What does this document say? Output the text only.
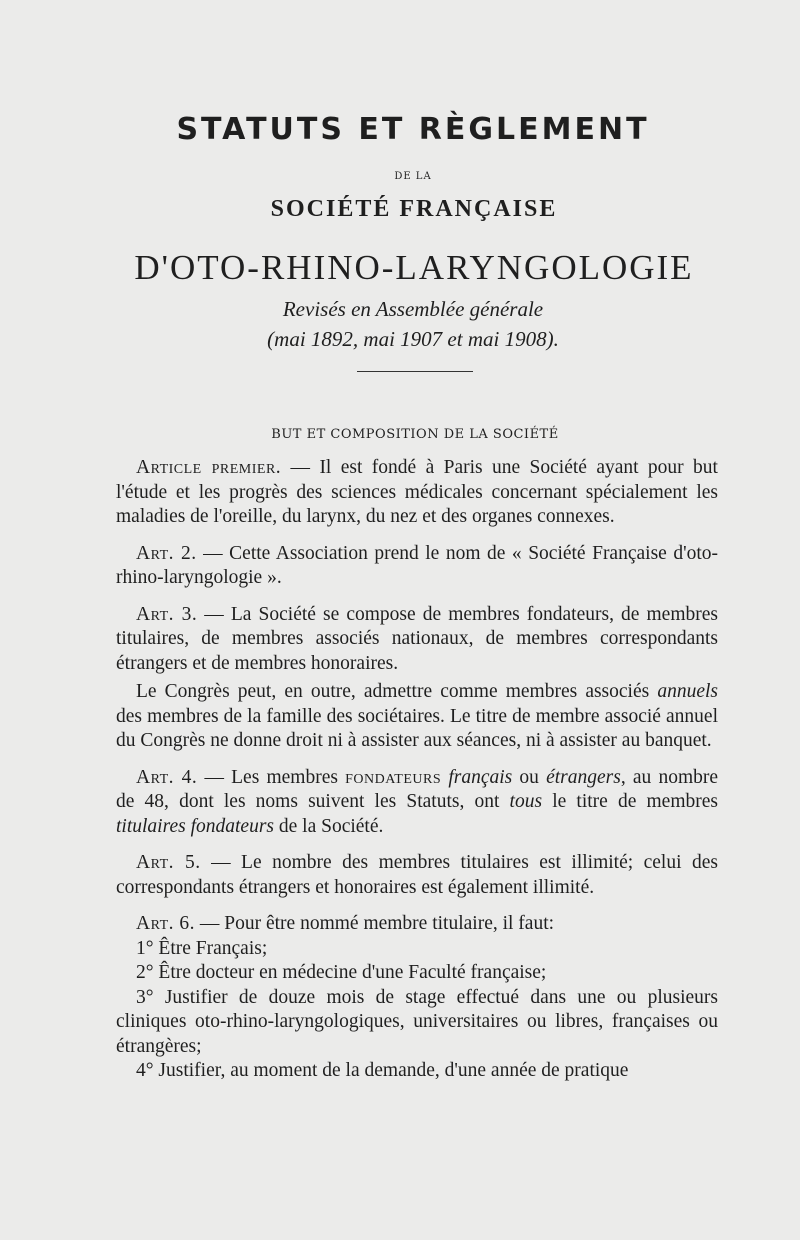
STATUTS ET RÈGLEMENT
DE LA
SOCIÉTÉ FRANÇAISE
D'OTO-RHINO-LARYNGOLOGIE
Revisés en Assemblée générale
(mai 1892, mai 1907 et mai 1908).
BUT ET COMPOSITION DE LA SOCIÉTÉ

Article premier. — Il est fondé à Paris une Société ayant pour but l'étude et les progrès des sciences médicales concernant spécialement les maladies de l'oreille, du larynx, du nez et des organes connexes.

Art. 2. — Cette Association prend le nom de « Société Française d'oto-rhino-laryngologie ».

Art. 3. — La Société se compose de membres fondateurs, de membres titulaires, de membres associés nationaux, de membres correspondants étrangers et de membres honoraires.

Le Congrès peut, en outre, admettre comme membres associés annuels des membres de la famille des sociétaires. Le titre de membre associé annuel du Congrès ne donne droit ni à assister aux séances, ni à assister au banquet.

Art. 4. — Les membres fondateurs français ou étrangers, au nombre de 48, dont les noms suivent les Statuts, ont tous le titre de membres titulaires fondateurs de la Société.

Art. 5. — Le nombre des membres titulaires est illimité; celui des correspondants étrangers et honoraires est également illimité.

Art. 6. — Pour être nommé membre titulaire, il faut:

1° Être Français;

2° Être docteur en médecine d'une Faculté française;

3° Justifier de douze mois de stage effectué dans une ou plusieurs cliniques oto-rhino-laryngologiques, universitaires ou libres, françaises ou étrangères;

4° Justifier, au moment de la demande, d'une année de pratique
